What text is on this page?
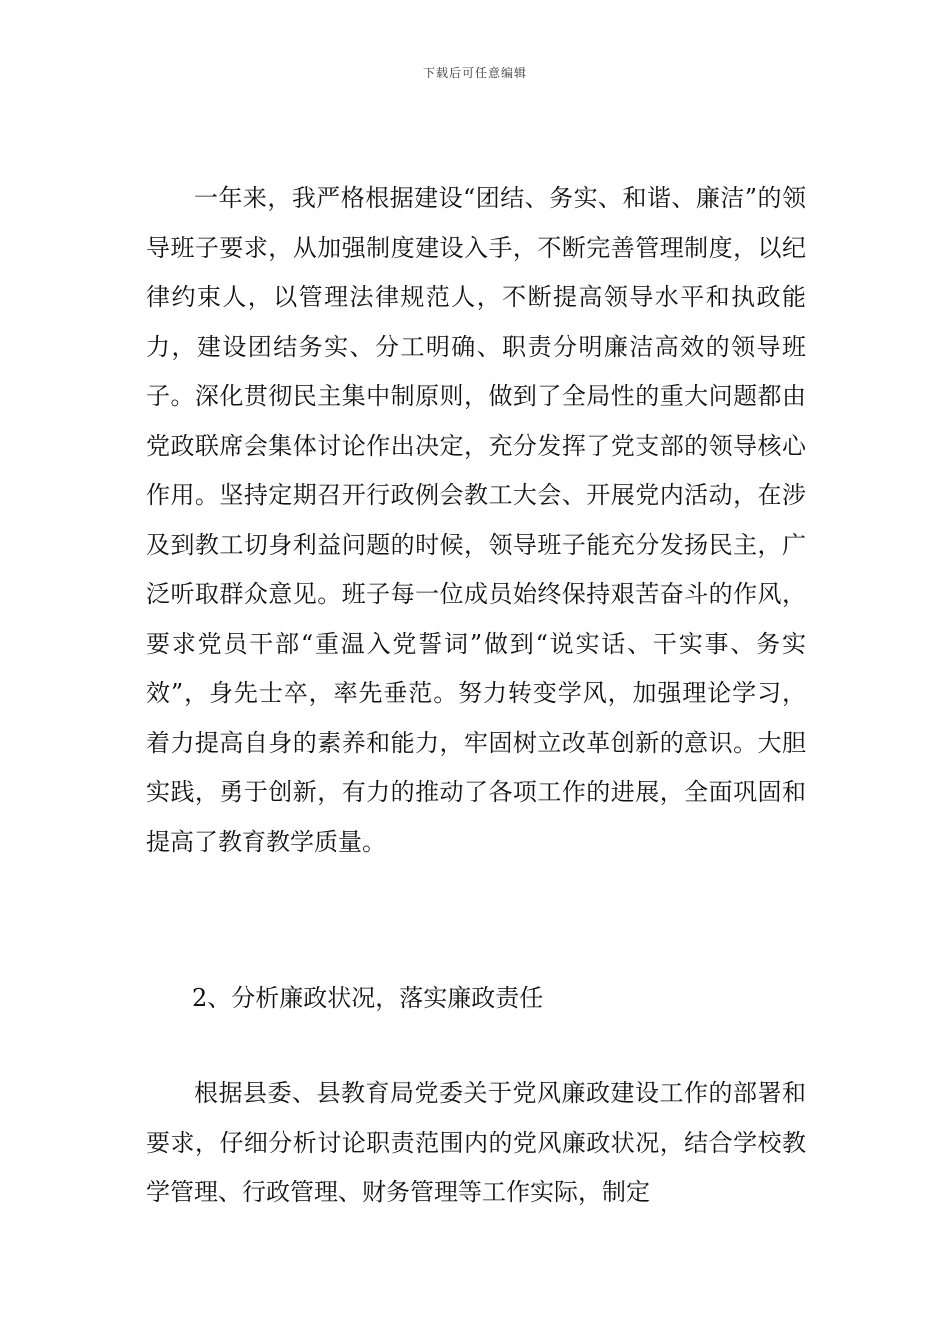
下载后可任意编辑

一年来，我严格根据建设“团结、务实、和谐、廉洁”的领导班子要求，从加强制度建设入手，不断完善管理制度，以纪律约束人，以管理法律规范人，不断提高领导水平和执政能力，建设团结务实、分工明确、职责分明廉洁高效的领导班子。深化贯彻民主集中制原则，做到了全局性的重大问题都由党政联席会集体讨论作出决定，充分发挥了党支部的领导核心作用。坚持定期召开行政例会教工大会、开展党内活动，在涉及到教工切身利益问题的时候，领导班子能充分发扬民主，广泛听取群众意见。班子每一位成员始终保持艰苦奋斗的作风，要求党员干部“重温入党誓词”做到“说实话、干实事、务实效”，身先士卒，率先垂范。努力转变学风，加强理论学习，着力提高自身的素养和能力，牢固树立改革创新的意识。大胆实践，勇于创新，有力的推动了各项工作的进展，全面巩固和提高了教育教学质量。

2、分析廉政状况，落实廉政责任

根据县委、县教育局党委关于党风廉政建设工作的部署和要求，仔细分析讨论职责范围内的党风廉政状况，结合学校教学管理、行政管理、财务管理等工作实际，制定
